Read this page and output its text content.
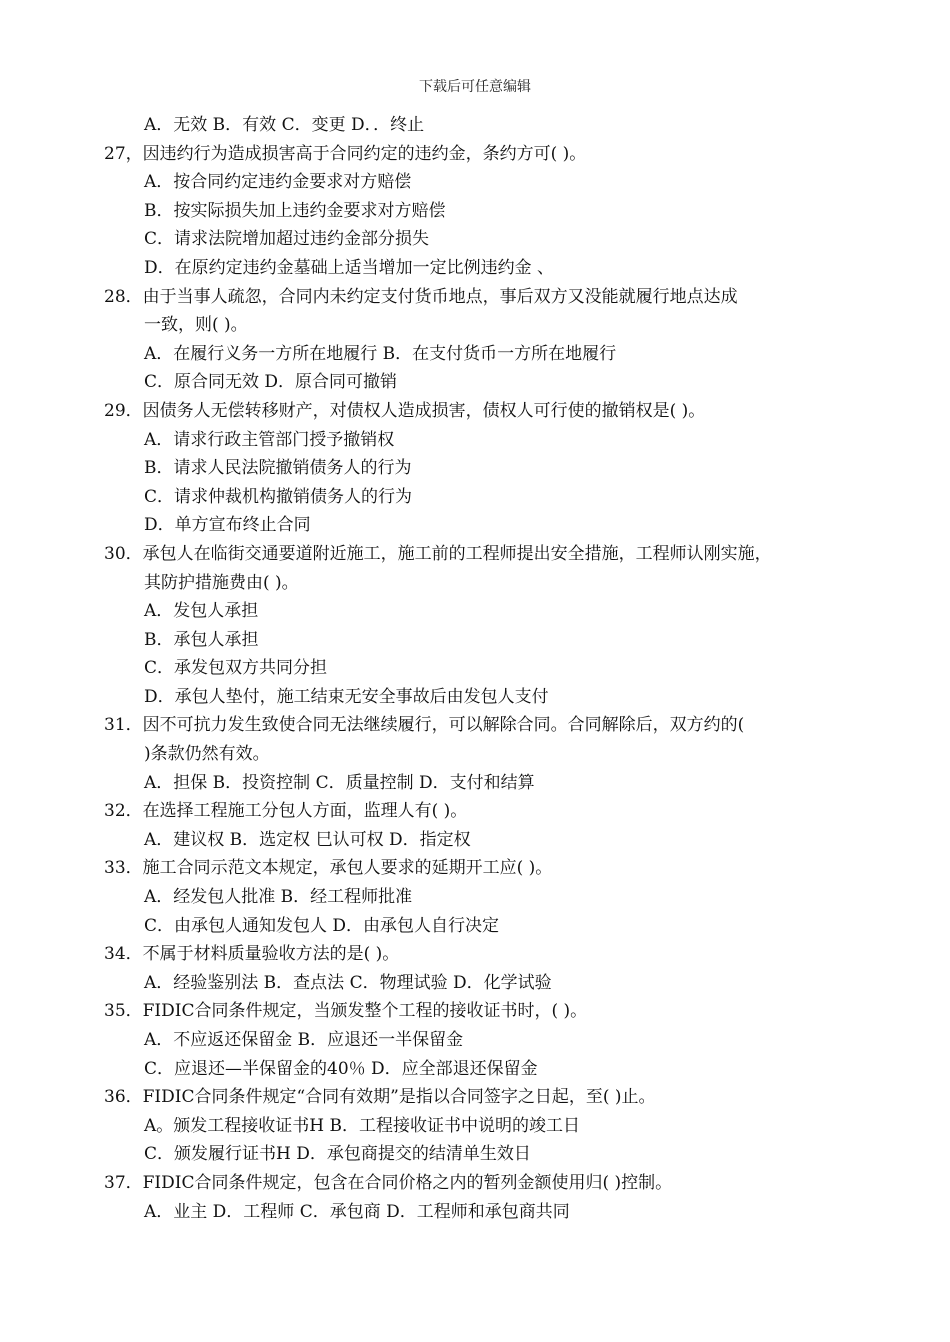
下载后可任意编辑
A．无效 B．有效 C．变更 D．．终止
27，因违约行为造成损害高于合同约定的违约金，条约方可( )。
A．按合同约定违约金要求对方赔偿
B．按实际损失加上违约金要求对方赔偿
C．请求法院增加超过违约金部分损失
D．在原约定违约金墓础上适当增加一定比例违约金 、
28．由于当事人疏忽，合同内未约定支付货币地点，事后双方又没能就履行地点达成
一致，则( )。
A．在履行义务一方所在地履行 B．在支付货币一方所在地履行
C．原合同无效 D．原合同可撤销
29．因债务人无偿转移财产，对债权人造成损害，债权人可行使的撤销权是( )。
A．请求行政主管部门授予撤销权
B．请求人民法院撤销债务人的行为
C．请求仲裁机构撤销债务人的行为
D．单方宣布终止合同
30．承包人在临街交通要道附近施工，施工前的工程师提出安全措施，工程师认刚实施，
其防护措施费由( )。
A．发包人承担
B．承包人承担
C．承发包双方共同分担
D．承包人垫付，施工结束无安全事故后由发包人支付
31．因不可抗力发生致使合同无法继续履行，可以解除合同。合同解除后，双方约的(
)条款仍然有效。
A．担保 B．投资控制 C．质量控制 D．支付和结算
32．在选择工程施工分包人方面，监理人有( )。
A．建议权 B．选定权 巳认可权 D．指定权
33．施工合同示范文本规定，承包人要求的延期开工应( )。
A．经发包人批准 B．经工程师批准
C．由承包人通知发包人 D．由承包人自行决定
34．不属于材料质量验收方法的是( )。
A．经验鉴别法 B．查点法 C．物理试验 D．化学试验
35．FIDIC合同条件规定，当颁发整个工程的接收证书时，( )。
A．不应返还保留金 B．应退还一半保留金
C．应退还—半保留金的40％ D．应全部退还保留金
36．FIDIC合同条件规定“合同有效期”是指以合同签字之日起，至( )止。
A。颁发工程接收证书H B．工程接收证书中说明的竣工日
C．颁发履行证书H D．承包商提交的结清单生效日
37．FIDIC合同条件规定，包含在合同价格之内的暂列金额使用归( )控制。
A．业主 D．工程师 C．承包商 D．工程师和承包商共同
